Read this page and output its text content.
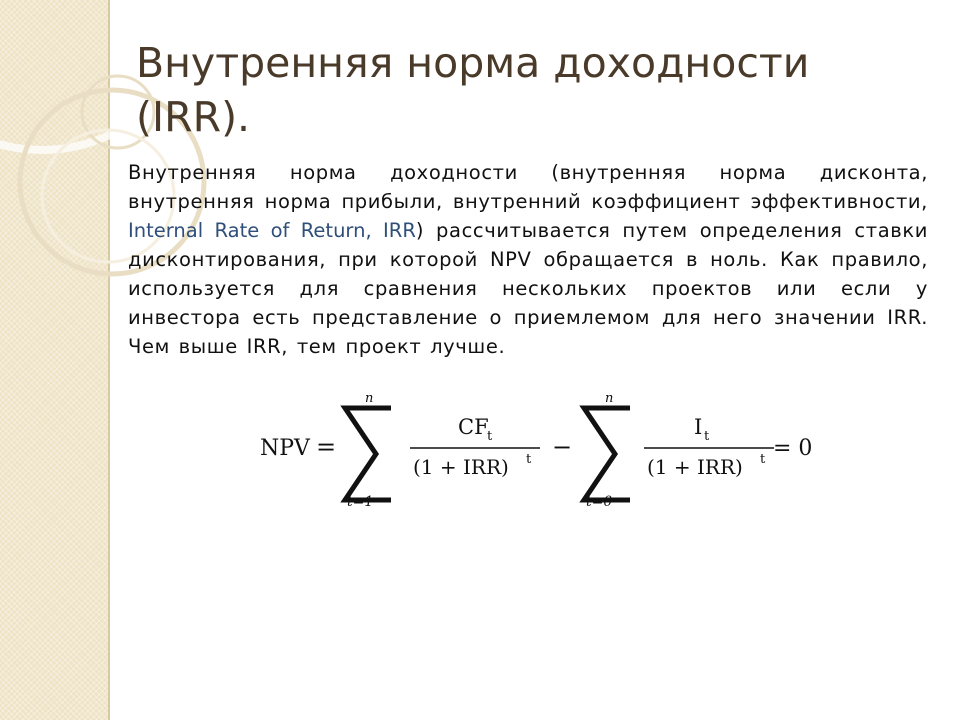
Внутренняя норма доходности (IRR).
Внутренняя норма доходности (внутренняя норма дисконта, внутренняя норма прибыли, внутренний коэффициент эффективности, Internal Rate of Return, IRR) рассчитывается путем определения ставки дисконтирования, при которой NPV обращается в ноль. Как правило, используется для сравнения нескольких проектов или если у инвестора есть представление о приемлемом для него значении IRR. Чем выше IRR, тем проект лучше.
NPV =
n
t=1
CF
t
(1 + IRR) t −
n
t=0
I t
(1 + IRR) t = 0
